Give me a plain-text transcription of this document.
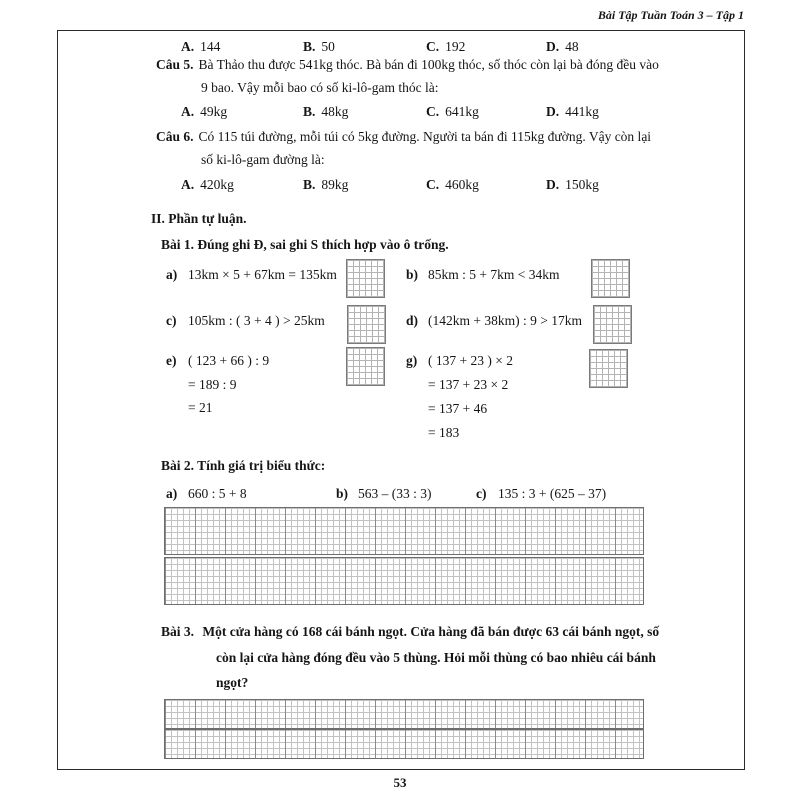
Bài Tập Tuần Toán 3 – Tập 1
A. 144	B. 50	C. 192	D. 48
Câu 5. Bà Thảo thu được 541kg thóc. Bà bán đi 100kg thóc, số thóc còn lại bà đóng đều vào
9 bao. Vậy mỗi bao có số ki-lô-gam thóc là:
A. 49kg	B. 48kg	C. 641kg	D. 441kg
Câu 6. Có 115 túi đường, mỗi túi có 5kg đường. Người ta bán đi 115kg đường. Vậy còn lại
số ki-lô-gam đường là:
A. 420kg	B. 89kg	C. 460kg	D. 150kg
II. Phần tự luận.
Bài 1. Đúng ghi Đ, sai ghi S thích hợp vào ô trống.
a) 13km × 5 + 67km = 135km	b) 85km : 5 + 7km < 34km
c) 105km : ( 3 + 4 ) > 25km	d) (142km + 38km) : 9 > 17km
e) ( 123 + 66 ) : 9
= 189 : 9
= 21
g) ( 137 + 23 ) × 2
= 137 + 23 × 2
= 137 + 46
= 183
Bài 2. Tính giá trị biểu thức:
a) 660 : 5 + 8	b) 563 – (33 : 3)	c) 135 : 3 + (625 – 37)
Bài 3. Một cửa hàng có 168 cái bánh ngọt. Cửa hàng đã bán được 63 cái bánh ngọt, số
còn lại cửa hàng đóng đều vào 5 thùng. Hỏi mỗi thùng có bao nhiêu cái bánh
ngọt?
53
